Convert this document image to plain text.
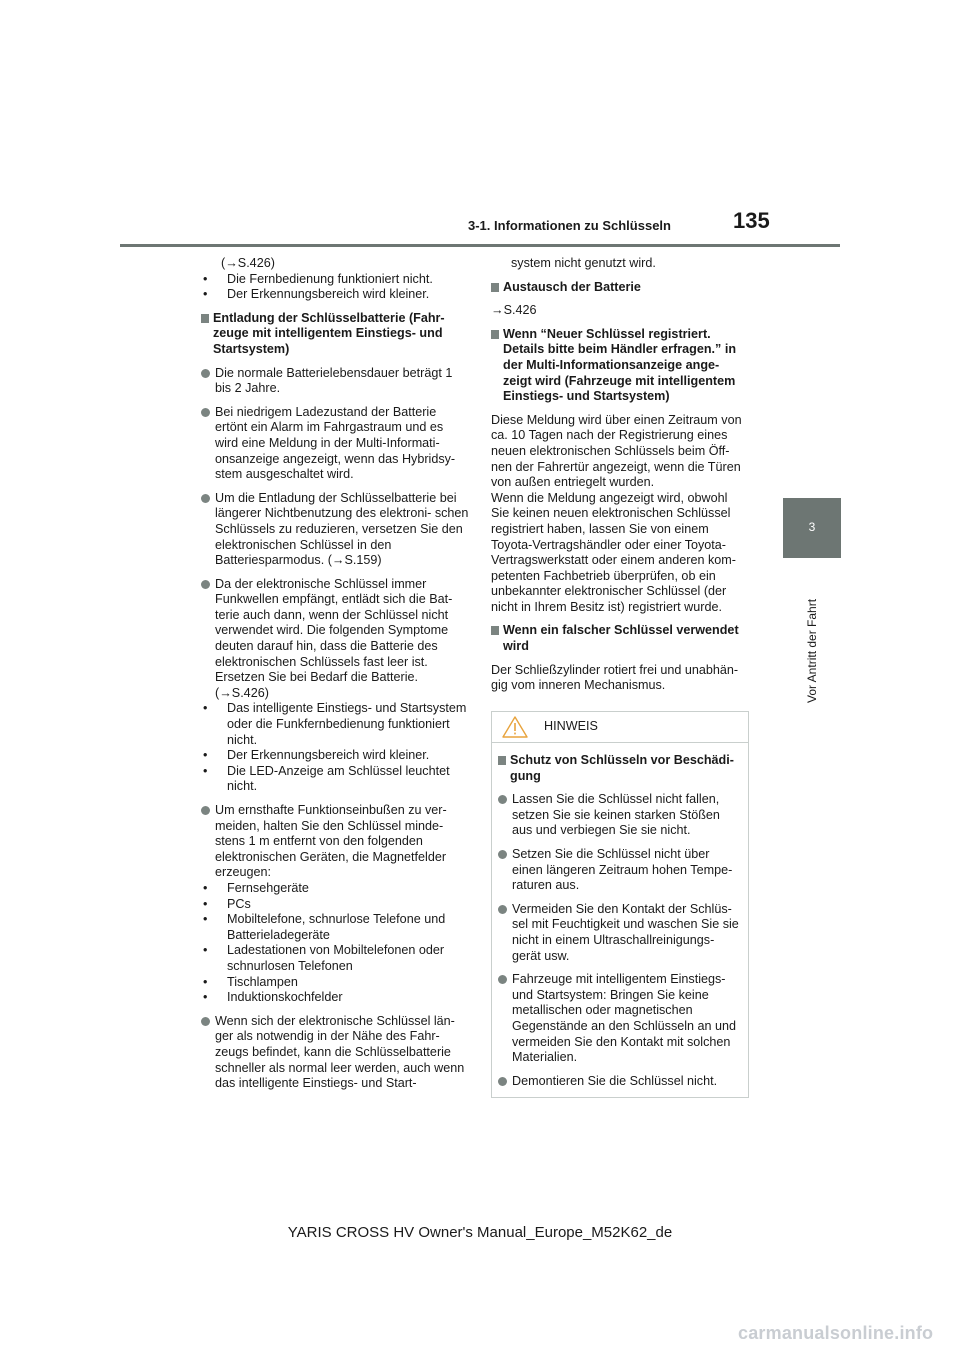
3-1. Informationen zu Schlüsseln	135
3
Vor Antritt der Fahrt
(→S.426)
• Die Fernbedienung funktioniert nicht.
• Der Erkennungsbereich wird kleiner.
Entladung der Schlüsselbatterie (Fahr- zeuge mit intelligentem Einstiegs- und Startsystem)
Die normale Batterielebensdauer beträgt 1 bis 2 Jahre.
Bei niedrigem Ladezustand der Batterie ertönt ein Alarm im Fahrgastraum und es wird eine Meldung in der Multi-Informati- onsanzeige angezeigt, wenn das Hybridsy- stem ausgeschaltet wird.
Um die Entladung der Schlüsselbatterie bei längerer Nichtbenutzung des elektroni- schen Schlüssels zu reduzieren, versetzen Sie den elektronischen Schlüssel in den Batteriesparmodus. (→S.159)
Da der elektronische Schlüssel immer Funkwellen empfängt, entlädt sich die Bat- terie auch dann, wenn der Schlüssel nicht verwendet wird. Die folgenden Symptome deuten darauf hin, dass die Batterie des elektronischen Schlüssels fast leer ist. Ersetzen Sie bei Bedarf die Batterie.
(→S.426)
•	Das intelligente Einstiegs- und Startsystem oder die Funkfernbedienung funktioniert nicht.
•	Der Erkennungsbereich wird kleiner.
•	Die LED-Anzeige am Schlüssel leuchtet nicht.
Um ernsthafte Funktionseinbußen zu ver- meiden, halten Sie den Schlüssel minde- stens 1 m entfernt von den folgenden elektronischen Geräten, die Magnetfelder erzeugen:
•	Fernsehgeräte
•	PCs
•	Mobiltelefone, schnurlose Telefone und Batterieladegeräte
•	Ladestationen von Mobiltelefonen oder schnurlosen Telefonen
•	Tischlampen
•	Induktionskochfelder
Wenn sich der elektronische Schlüssel län- ger als notwendig in der Nähe des Fahr- zeugs befindet, kann die Schlüsselbatterie schneller als normal leer werden, auch wenn das intelligente Einstiegs- und Start-
system nicht genutzt wird.
Austausch der Batterie
→S.426
Wenn “Neuer Schlüssel registriert. Details bitte beim Händler erfragen.” in der Multi-Informationsanzeige ange- zeigt wird (Fahrzeuge mit intelligentem Einstiegs- und Startsystem)
Diese Meldung wird über einen Zeitraum von ca. 10 Tagen nach der Registrierung eines neuen elektronischen Schlüssels beim Öff- nen der Fahrertür angezeigt, wenn die Türen von außen entriegelt wurden.
Wenn die Meldung angezeigt wird, obwohl Sie keinen neuen elektronischen Schlüssel registriert haben, lassen Sie von einem Toyota-Vertragshändler oder einer Toyota- Vertragswerkstatt oder einem anderen kom- petenten Fachbetrieb überprüfen, ob ein unbekannter elektronischer Schlüssel (der nicht in Ihrem Besitz ist) registriert wurde.
Wenn ein falscher Schlüssel verwendet wird
Der Schließzylinder rotiert frei und unabhän- gig vom inneren Mechanismus.
HINWEIS
Schutz von Schlüsseln vor Beschädi- gung
Lassen Sie die Schlüssel nicht fallen, setzen Sie sie keinen starken Stößen aus und verbiegen Sie sie nicht.
Setzen Sie die Schlüssel nicht über einen längeren Zeitraum hohen Tempe- raturen aus.
Vermeiden Sie den Kontakt der Schlüs- sel mit Feuchtigkeit und waschen Sie sie nicht in einem Ultraschallreinigungs- gerät usw.
Fahrzeuge mit intelligentem Einstiegs- und Startsystem: Bringen Sie keine metallischen oder magnetischen Gegenstände an den Schlüsseln an und vermeiden Sie den Kontakt mit solchen Materialien.
Demontieren Sie die Schlüssel nicht.
YARIS CROSS HV Owner's Manual_Europe_M52K62_de
carmanualsonline.info
